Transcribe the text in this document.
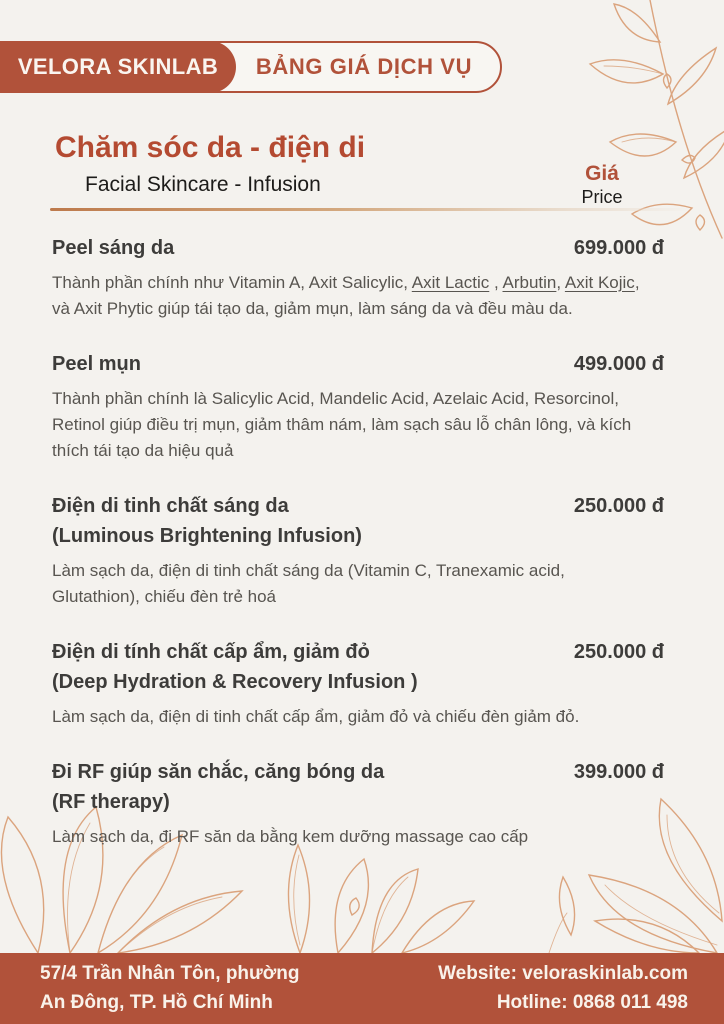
VELORA SKINLAB	BẢNG GIÁ DỊCH VỤ
Chăm sóc da - điện di
Facial Skincare - Infusion	Giá
Price
Peel sáng da	699.000 đ

Thành phần chính như Vitamin A, Axit Salicylic, Axit Lactic , Arbutin, Axit Kojic, và Axit Phytic giúp tái tạo da, giảm mụn, làm sáng da và đều màu da.

Peel mụn	499.000 đ

Thành phần chính là Salicylic Acid, Mandelic Acid, Azelaic Acid, Resorcinol, Retinol giúp điều trị mụn, giảm thâm nám, làm sạch sâu lỗ chân lông, và kích thích tái tạo da hiệu quả

Điện di tinh chất sáng da
(Luminous Brightening Infusion)
250.000 đ

Làm sạch da, điện di tinh chất sáng da (Vitamin C, Tranexamic acid, Glutathion), chiếu đèn trẻ hoá

Điện di tính chất cấp ẩm, giảm đỏ
(Deep Hydration & Recovery Infusion )
250.000 đ

Làm sạch da, điện di tinh chất cấp ẩm, giảm đỏ và chiếu đèn giảm đỏ.

Đi RF giúp săn chắc, căng bóng da
(RF therapy)
399.000 đ

Làm sạch da, đi RF săn da bằng kem dưỡng massage cao cấp

57/4 Trần Nhân Tôn, phường
An Đông, TP. Hồ Chí Minh
Website: veloraskinlab.com
Hotline: 0868 011 498
